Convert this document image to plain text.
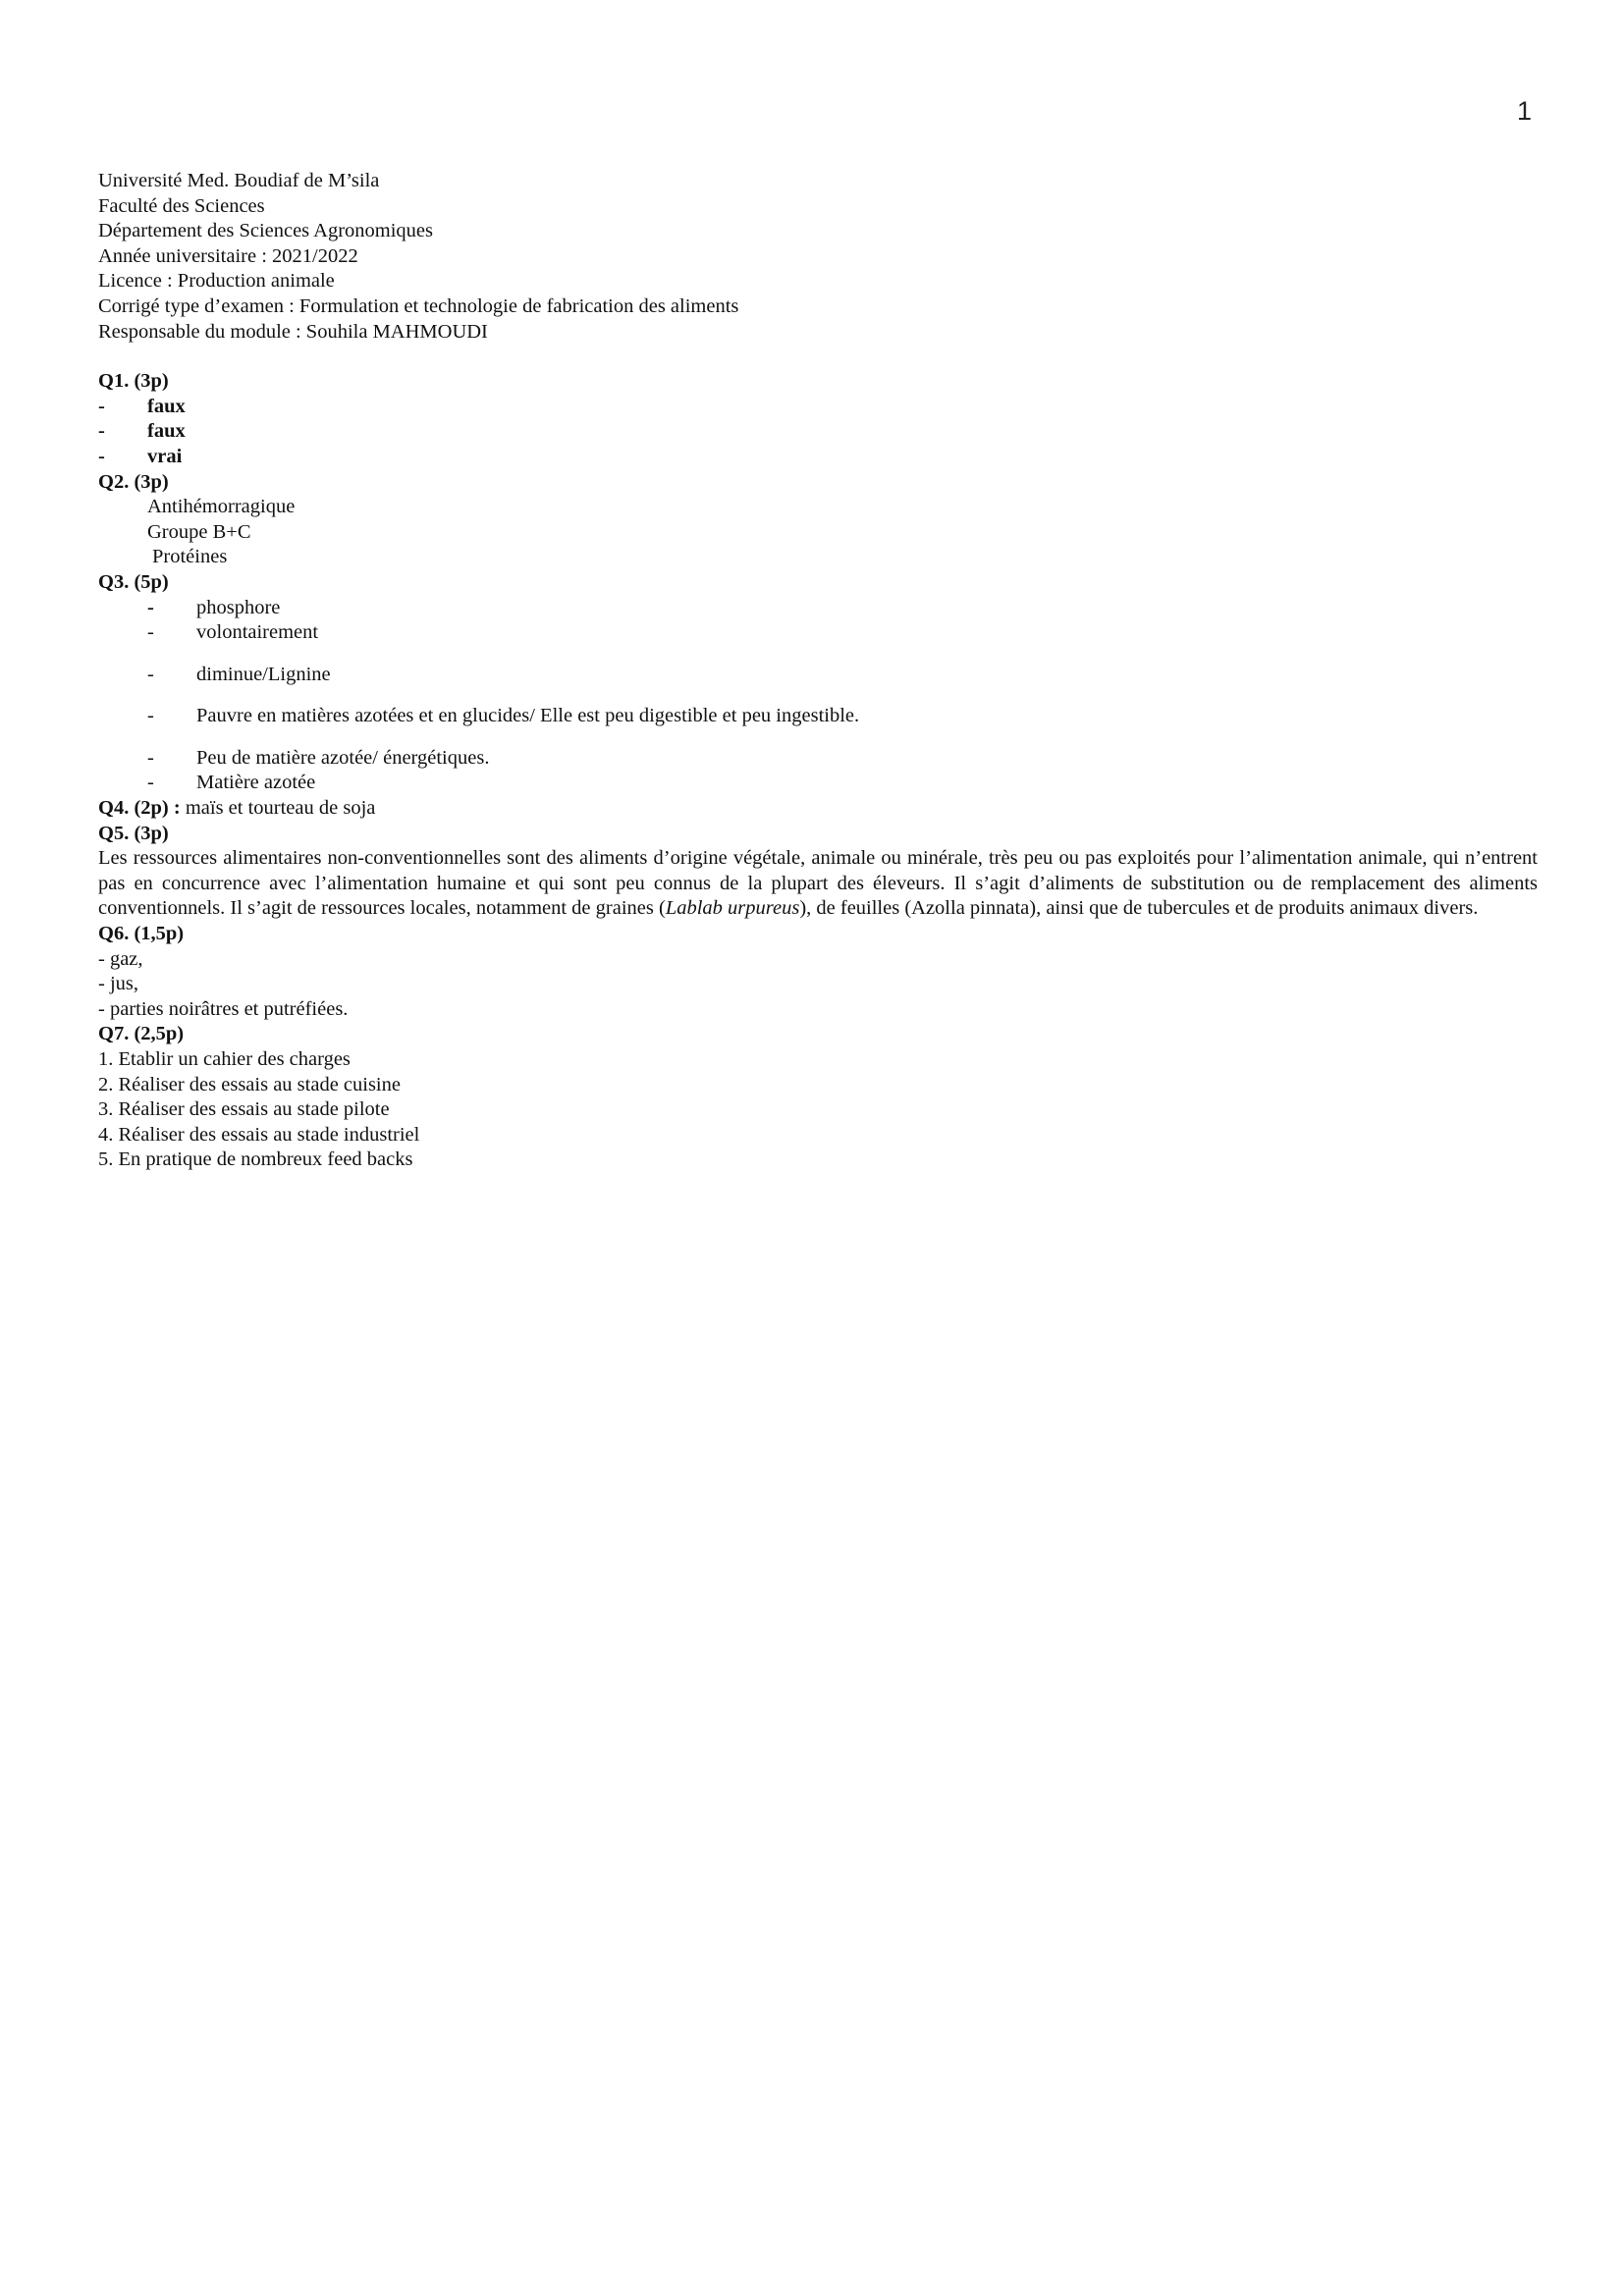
1
Université Med. Boudiaf de M’sila
Faculté des Sciences
Département des Sciences Agronomiques
Année universitaire : 2021/2022
Licence : Production animale
Corrigé type d’examen : Formulation et technologie de fabrication des aliments
Responsable du module : Souhila MAHMOUDI
Q1. (3p)
-	faux
-	faux
-	vrai
Q2. (3p)
Antihémorragique
Groupe B+C
Protéines
Q3. (5p)
-	phosphore
-	volontairement
-	diminue/Lignine
-	Pauvre en matières azotées et en glucides/ Elle est peu digestible et peu ingestible.
-	Peu de matière azotée/ énergétiques.
-	Matière azotée
Q4. (2p) : maïs et tourteau de soja
Q5. (3p)
Les ressources alimentaires non-conventionnelles sont des aliments d’origine végétale, animale ou minérale, très peu ou pas exploités pour l’alimentation animale, qui n’entrent pas en concurrence avec l’alimentation humaine et qui sont peu connus de la plupart des éleveurs. Il s’agit d’aliments de substitution ou de remplacement des aliments conventionnels. Il s’agit de ressources locales, notamment de graines (Lablab urpureus), de feuilles (Azolla pinnata), ainsi que de tubercules et de produits animaux divers.
Q6. (1,5p)
- gaz,
- jus,
- parties noirâtres et putréfiées.
Q7. (2,5p)
1. Etablir un cahier des charges
2. Réaliser des essais au stade cuisine
3. Réaliser des essais au stade pilote
4. Réaliser des essais au stade industriel
5. En pratique de nombreux feed backs
